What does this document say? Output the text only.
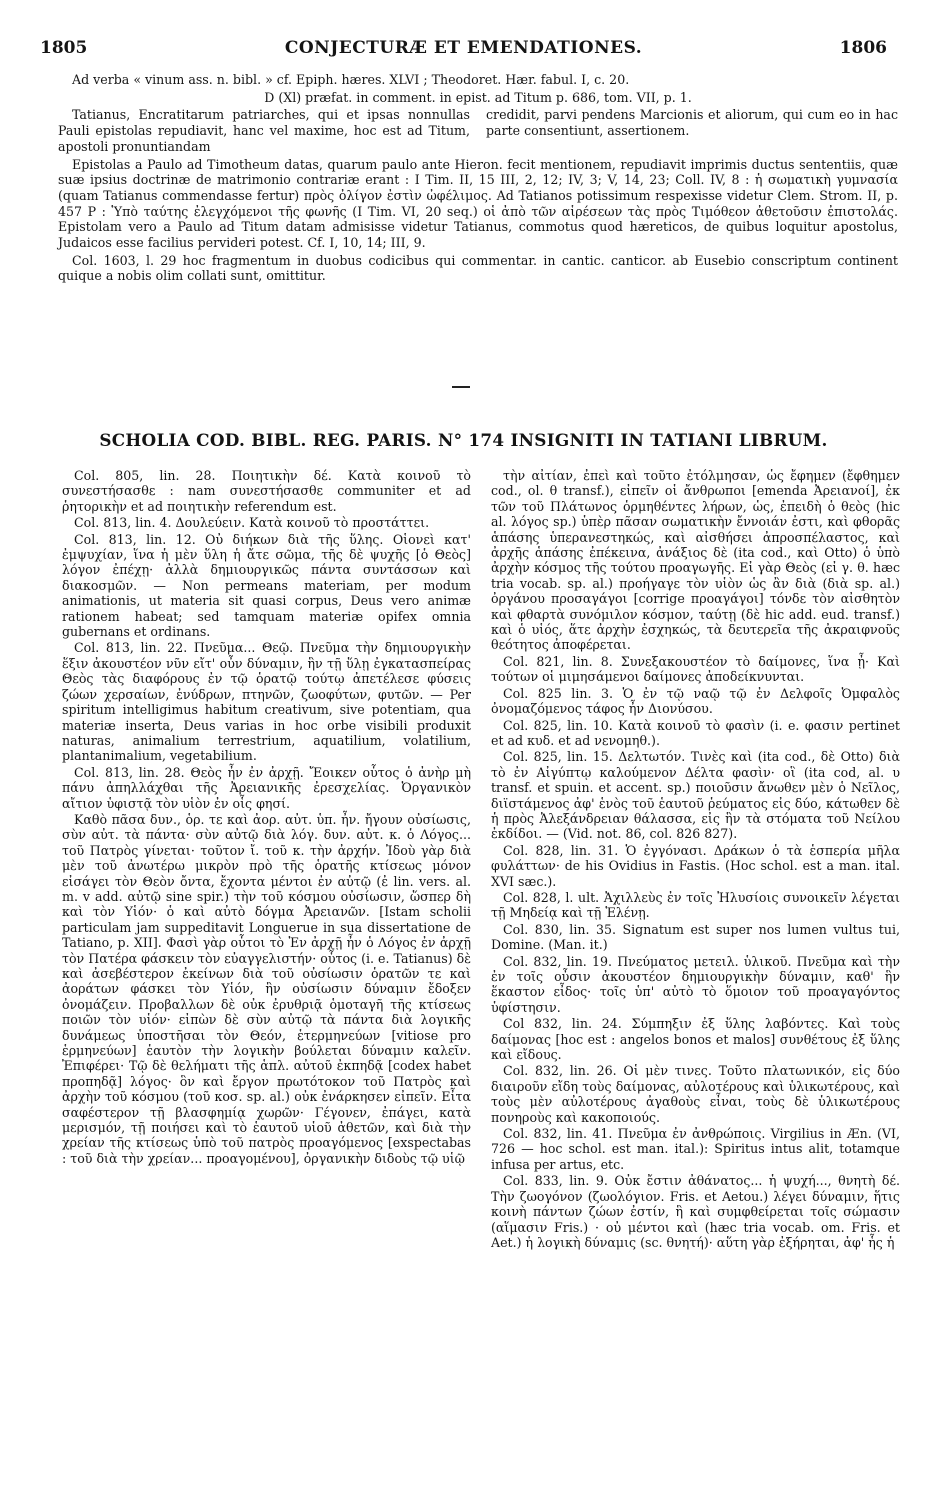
1805	CONJECTURÆ ET EMENDATIONES.	1806

Ad verba « vinum ass. n. bibl. » cf. Epiph. hæres. XLVI ; Theodoret. Hær. fabul. I, c. 20.

D (Xl) præfat. in comment. in epist. ad Titum p. 686, tom. VII, p. 1.

Tatianus, Encratitarum patriarches, qui et ipsas nonnullas Pauli epistolas repudiavit, hanc vel maxime, hoc est ad Titum, apostoli pronuntiandam
credidit, parvi pendens Marcionis et aliorum, qui cum eo in hac parte consentiunt, assertionem.

Epistolas a Paulo ad Timotheum datas, quarum paulo ante Hieron. fecit mentionem, repudiavit imprimis ductus sententiis, quæ suæ ipsius doctrinæ de matrimonio contrariæ erant : I Tim. II, 15 III, 2, 12; IV, 3; V, 14, 23; Coll. IV, 8 : ἡ σωματικὴ γυμνασία (quam Tatianus commendasse fertur) πρὸς ὀλίγον ἐστὶν ὠφέλιμος. Ad Tatianos potissimum respexisse videtur Clem. Strom. II, p. 457 P : Ὑπὸ ταύτης ἐλεγχόμενοι τῆς φωνῆς (I Tim. VI, 20 seq.) οἱ ἀπὸ τῶν αἱρέσεων τὰς πρὸς Τιμόθεον ἀθετοῦσιν ἐπιστολάς. Epistolam vero a Paulo ad Titum datam admisisse videtur Tatianus, commotus quod hæreticos, de quibus loquitur apostolus, Judaicos esse facilius pervideri potest. Cf. I, 10, 14; III, 9.

Col. 1603, l. 29 hoc fragmentum in duobus codicibus qui commentar. in cantic. canticor. ab Eusebio conscriptum continent quique a nobis olim collati sunt, omittitur.

SCHOLIA COD. BIBL. REG. PARIS. N° 174 INSIGNITI IN TATIANI LIBRUM.

Col. 805, lin. 28. Ποιητικὴν δέ. Κατὰ κοινοῦ τὸ συνεστήσασθε : nam συνεστήσασθε communiter et ad ῥητορικὴν et ad ποιητικὴν referendum est.

Col. 813, lin. 4. Δουλεύειν. Κατὰ κοινοῦ τὸ προστάττει.

Col. 813, lin. 12. Οὐ διήκων διὰ τῆς ὕλης. Οἱονεὶ κατ' ἐμψυχίαν, ἵνα ἡ μὲν ὕλη ἡ ἄτε σῶμα, τῆς δὲ ψυχῆς [ὁ Θεὸς] λόγον ἐπέχῃ· ἀλλὰ δημιουργικῶς πάντα συντάσσων καὶ διακοσμῶν. — Non permeans materiam, per modum animationis, ut materia sit quasi corpus, Deus vero animæ rationem habeat; sed tamquam materiæ opifex omnia gubernans et ordinans.

Col. 813, lin. 22. Πνεῦμα... Θεῷ. Πνεῦμα τὴν δημιουργικὴν ἕξιν ἀκουστέον νῦν εἴτ' οὖν δύναμιν, ἣν τῇ ὕλῃ ἐγκατασπείρας Θεὸς τὰς διαφόρους ἐν τῷ ὁρατῷ τούτῳ ἀπετέλεσε φύσεις ζώων χερσαίων, ἐνύδρων, πτηνῶν, ζωοφύτων, φυτῶν. — Per spiritum intelligimus habitum creativum, sive potentiam, qua materiæ inserta, Deus varias in hoc orbe visibili produxit naturas, animalium terrestrium, aquatilium, volatilium, plantanimalium, vegetabilium.

Col. 813, lin. 28. Θεὸς ἦν ἐν ἀρχῇ. Ἔοικεν οὗτος ὁ ἀνὴρ μὴ πάνυ ἀπηλλάχθαι τῆς Ἀρειανικῆς ἐρεσχελίας. Ὀργανικὸν αἴτιον ὑφιστᾷ τὸν υἱὸν ἐν οἷς φησί.

Καθὸ πᾶσα δυν., ὁρ. τε καὶ ἀορ. αὐτ. ὑπ. ἦν. ἤγουν οὐσίωσις, σὺν αὐτ. τὰ πάντα· σὺν αὐτῷ διὰ λόγ. δυν. αὐτ. κ. ὁ Λόγος... τοῦ Πατρὸς γίνεται· τοῦτον ἴ. τοῦ κ. τὴν ἀρχήν. Ἰδοὺ γὰρ διὰ μὲν τοῦ ἀνωτέρω μικρὸν πρὸ τῆς ὁρατῆς κτίσεως μόνον εἰσάγει τὸν Θεὸν ὄντα, ἔχοντα μέντοι ἐν αὐτῷ (ἐ lin. vers. al. m. v add. αὐτῷ sine spir.) τὴν τοῦ κόσμου οὐσίωσιν, ὥσπερ δὴ καὶ τὸν Υἱόν· ὁ καὶ αὐτὸ δόγμα Ἀρειανῶν. [Istam scholii particulam jam suppeditavit Longuerue in sua dissertatione de Tatiano, p. XII]. Φασὶ γὰρ οὗτοι τὸ Ἐν ἀρχῇ ἦν ὁ Λόγος ἐν ἀρχῇ τὸν Πατέρα φάσκειν τὸν εὐαγγελιστήν· οὗτος (i. e. Tatianus) δὲ καὶ ἀσεβέστερον ἐκείνων διὰ τοῦ οὐσίωσιν ὁρατῶν τε καὶ ἀοράτων φάσκει τὸν Υἱόν, ἣν οὐσίωσιν δύναμιν ἔδοξεν ὀνομάζειν. Προβαλλων δὲ οὐκ ἐρυθριᾷ ὁμοταγῆ τῆς κτίσεως ποιῶν τὸν υἱόν· εἰπὼν δὲ σὺν αὐτῷ τὰ πάντα διὰ λογικῆς δυνάμεως ὑποστῆσαι τὸν Θεόν, ἑτερμηνεύων [vitiose pro ἑρμηνεύων] ἑαυτὸν τὴν λογικὴν βούλεται δύναμιν καλεῖν. Ἐπιφέρει· Τῷ δὲ θελήματι τῆς ἁπλ. αὐτοῦ ἐκπηδᾷ [codex habet προπηδᾷ] λόγος· ὃν καὶ ἔργον πρωτότοκον τοῦ Πατρὸς καὶ ἀρχὴν τοῦ κόσμου (τοῦ κοσ. sp. al.) οὐκ ἐνάρκησεν εἰπεῖν. Εἶτα σαφέστερον τῇ βλασφημίᾳ χωρῶν· Γέγονεν, ἐπάγει, κατὰ μερισμόν, τῇ ποιήσει καὶ τὸ ἑαυτοῦ υἱοῦ ἀθετῶν, καὶ διὰ τὴν χρείαν τῆς κτίσεως ὑπὸ τοῦ πατρὸς προαγόμενος [exspectabas : τοῦ διὰ τὴν χρείαν... προαγομένου], ὀργανικὴν διδοὺς τῷ υἱῷ

τὴν αἰτίαν, ἐπεὶ καὶ τοῦτο ἐτόλμησαν, ὡς ἔφημεν (ἔφθημεν cod., ol. θ transf.), εἰπεῖν οἱ ἄνθρωποι [emenda Ἀρειανοί], ἐκ τῶν τοῦ Πλάτωνος ὁρμηθέντες λήρων, ὡς, ἐπειδὴ ὁ θεὸς (hic al. λόγος sp.) ὑπὲρ πᾶσαν σωματικὴν ἔννοιάν ἐστι, καὶ φθορᾶς ἁπάσης ὑπερανεστηκώς, καὶ αἰσθήσει ἀπροσπέλαστος, καὶ ἀρχῆς ἁπάσης ἐπέκεινα, ἀνάξιος δὲ (ita cod., καὶ Otto) ὁ ὑπὸ ἀρχὴν κόσμος τῆς τούτου προαγωγῆς. Εἰ γὰρ Θεὸς (εἰ γ. θ. hæc tria vocab. sp. al.) προήγαγε τὸν υἱὸν ὡς ἂν διὰ (διὰ sp. al.) ὀργάνου προσαγάγοι [corrige προαγάγοι] τόνδε τὸν αἰσθητὸν καὶ φθαρτὰ συνόμιλον κόσμον, ταύτῃ (δὲ hic add. eud. transf.) καὶ ὁ υἱός, ἅτε ἀρχὴν ἐσχηκώς, τὰ δευτερεῖα τῆς ἀκραιφνοῦς θεότητος ἀποφέρεται.

Col. 821, lin. 8. Συνεξακουστέον τὸ δαίμονες, ἵνα ᾖ· Καὶ τούτων οἱ μιμησάμενοι δαίμονες ἀποδείκνυνται.

Col. 825 lin. 3. Ὁ ἐν τῷ ναῷ τῷ ἐν Δελφοῖς Ὀμφαλὸς ὀνομαζόμενος τάφος ἦν Διονύσου.

Col. 825, lin. 10. Κατὰ κοινοῦ τὸ φασὶν (i. e. φασιν pertinet et ad κυδ. et ad νενομηθ.).

Col. 825, lin. 15. Δελτωτόν. Τινὲς καὶ (ita cod., δὲ Otto) διὰ τὸ ἐν Αἰγύπτῳ καλούμενον Δέλτα φασὶν· οἳ (ita cod, al. υ transf. et spuin. et accent. sp.) ποιοῦσιν ἄνωθεν μὲν ὁ Νεῖλος, διϊστάμενος ἀφ' ἑνὸς τοῦ ἑαυτοῦ ῥεύματος εἰς δύο, κάτωθεν δὲ ἡ πρὸς Ἀλεξάνδρειαν θάλασσα, εἰς ἣν τὰ στόματα τοῦ Νείλου ἐκδίδοι. — (Vid. not. 86, col. 826 827).

Col. 828, lin. 31. Ὁ ἐγγόνασι. Δράκων ὁ τὰ ἑσπερία μῆλα φυλάττων· de his Ovidius in Fastis. (Hoc schol. est a man. ital. XVI sæc.).

Col. 828, l. ult. Ἀχιλλεὺς ἐν τοῖς Ἠλυσίοις συνοικεῖν λέγεται τῇ Μηδείᾳ καὶ τῇ Ἑλένῃ.

Col. 830, lin. 35. Signatum est super nos lumen vultus tui, Domine. (Man. it.)

Col. 832, lin. 19. Πνεύματος μετειλ. ὑλικοῦ. Πνεῦμα καὶ τὴν ἐν τοῖς οὖσιν ἀκουστέον δημιουργικὴν δύναμιν, καθ' ἣν ἕκαστον εἶδος· τοῖς ὑπ' αὐτὸ τὸ ὅμοιον τοῦ προαγαγόντος ὑφίστησιν.

Col 832, lin. 24. Σύμπηξιν ἐξ ὕλης λαβόντες. Καὶ τοὺς δαίμονας [hoc est : angelos bonos et malos] συνθέτους ἐξ ὕλης καὶ εἴδους.

Col. 832, lin. 26. Οἱ μὲν τινες. Τοῦτο πλατωνικόν, εἰς δύο διαιροῦν εἴδη τοὺς δαίμονας, αὐλοτέρους καὶ ὑλικωτέρους, καὶ τοὺς μὲν αὐλοτέρους ἀγαθοὺς εἶναι, τοὺς δὲ ὑλικωτέρους πονηροὺς καὶ κακοποιούς.

Col. 832, lin. 41. Πνεῦμα ἐν ἀνθρώποις. Virgilius in Æn. (VI, 726 — hoc schol. est man. ital.): Spiritus intus alit, totamque infusa per artus, etc.

Col. 833, lin. 9. Οὐκ ἔστιν ἀθάνατος... ἡ ψυχή..., θνητὴ δέ. Τὴν ζωογόνον (ζωολόγιον. Fris. et Aetou.) λέγει δύναμιν, ἥτις κοινὴ πάντων ζώων ἐστίν, ἣ καὶ συμφθείρεται τοῖς σώμασιν (αἵμασιν Fris.) · οὐ μέντοι καὶ (hæc tria vocab. om. Fris. et Aet.) ἡ λογικὴ δύναμις (sc. θνητή)· αὕτη γὰρ ἐξήρηται, ἀφ' ἧς ἡ
